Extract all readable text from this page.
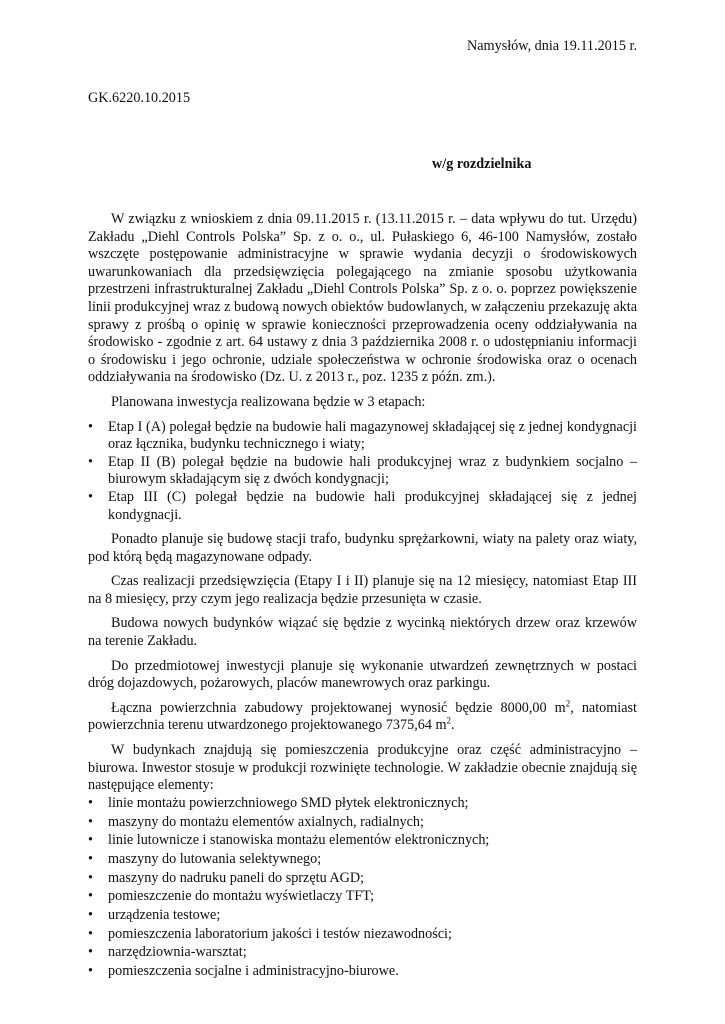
Namysłów, dnia 19.11.2015 r.
GK.6220.10.2015
w/g rozdzielnika

W związku z wnioskiem z dnia 09.11.2015 r. (13.11.2015 r. – data wpływu do tut. Urzędu) Zakładu „Diehl Controls Polska” Sp. z o. o., ul. Pułaskiego 6, 46-100 Namysłów, zostało wszczęte postępowanie administracyjne w sprawie wydania decyzji o środowiskowych uwarunkowaniach dla przedsięwzięcia polegającego na zmianie sposobu użytkowania przestrzeni infrastrukturalnej Zakładu „Diehl Controls Polska” Sp. z o. o. poprzez powiększenie linii produkcyjnej wraz z budową nowych obiektów budowlanych, w załączeniu przekazuję akta sprawy z prośbą o opinię w sprawie konieczności przeprowadzenia oceny oddziaływania na środowisko - zgodnie z art. 64 ustawy z dnia 3 października 2008 r. o udostępnianiu informacji o środowisku i jego ochronie, udziale społeczeństwa w ochronie środowiska oraz o ocenach oddziaływania na środowisko (Dz. U. z 2013 r., poz. 1235 z późn. zm.).

Planowana inwestycja realizowana będzie w 3 etapach:

• Etap I (A) polegał będzie na budowie hali magazynowej składającej się z jednej kondygnacji oraz łącznika, budynku technicznego i wiaty;
• Etap II (B) polegał będzie na budowie hali produkcyjnej wraz z budynkiem socjalno – biurowym składającym się z dwóch kondygnacji;
• Etap III (C) polegał będzie na budowie hali produkcyjnej składającej się z jednej kondygnacji.

Ponadto planuje się budowę stacji trafo, budynku sprężarkowni, wiaty na palety oraz wiaty, pod którą będą magazynowane odpady.

Czas realizacji przedsięwzięcia (Etapy I i II) planuje się na 12 miesięcy, natomiast Etap III na 8 miesięcy, przy czym jego realizacja będzie przesunięta w czasie.

Budowa nowych budynków wiązać się będzie z wycinką niektórych drzew oraz krzewów na terenie Zakładu.

Do przedmiotowej inwestycji planuje się wykonanie utwardzeń zewnętrznych w postaci dróg dojazdowych, pożarowych, placów manewrowych oraz parkingu.

Łączna powierzchnia zabudowy projektowanej wynosić będzie 8000,00 $m^2$, natomiast powierzchnia terenu utwardzonego projektowanego 7375,64 $m^2$.

W budynkach znajdują się pomieszczenia produkcyjne oraz część administracyjno – biurowa. Inwestor stosuje w produkcji rozwinięte technologie. W zakładzie obecnie znajdują się następujące elementy:

• linie montażu powierzchniowego SMD płytek elektronicznych;
• maszyny do montażu elementów axialnych, radialnych;
• linie lutownicze i stanowiska montażu elementów elektronicznych;
• maszyny do lutowania selektywnego;
• maszyny do nadruku paneli do sprzętu AGD;
• pomieszczenie do montażu wyświetlaczy TFT;
• urządzenia testowe;
• pomieszczenia laboratorium jakości i testów niezawodności;
• narzędziownia-warsztat;
• pomieszczenia socjalne i administracyjno-biurowe.
